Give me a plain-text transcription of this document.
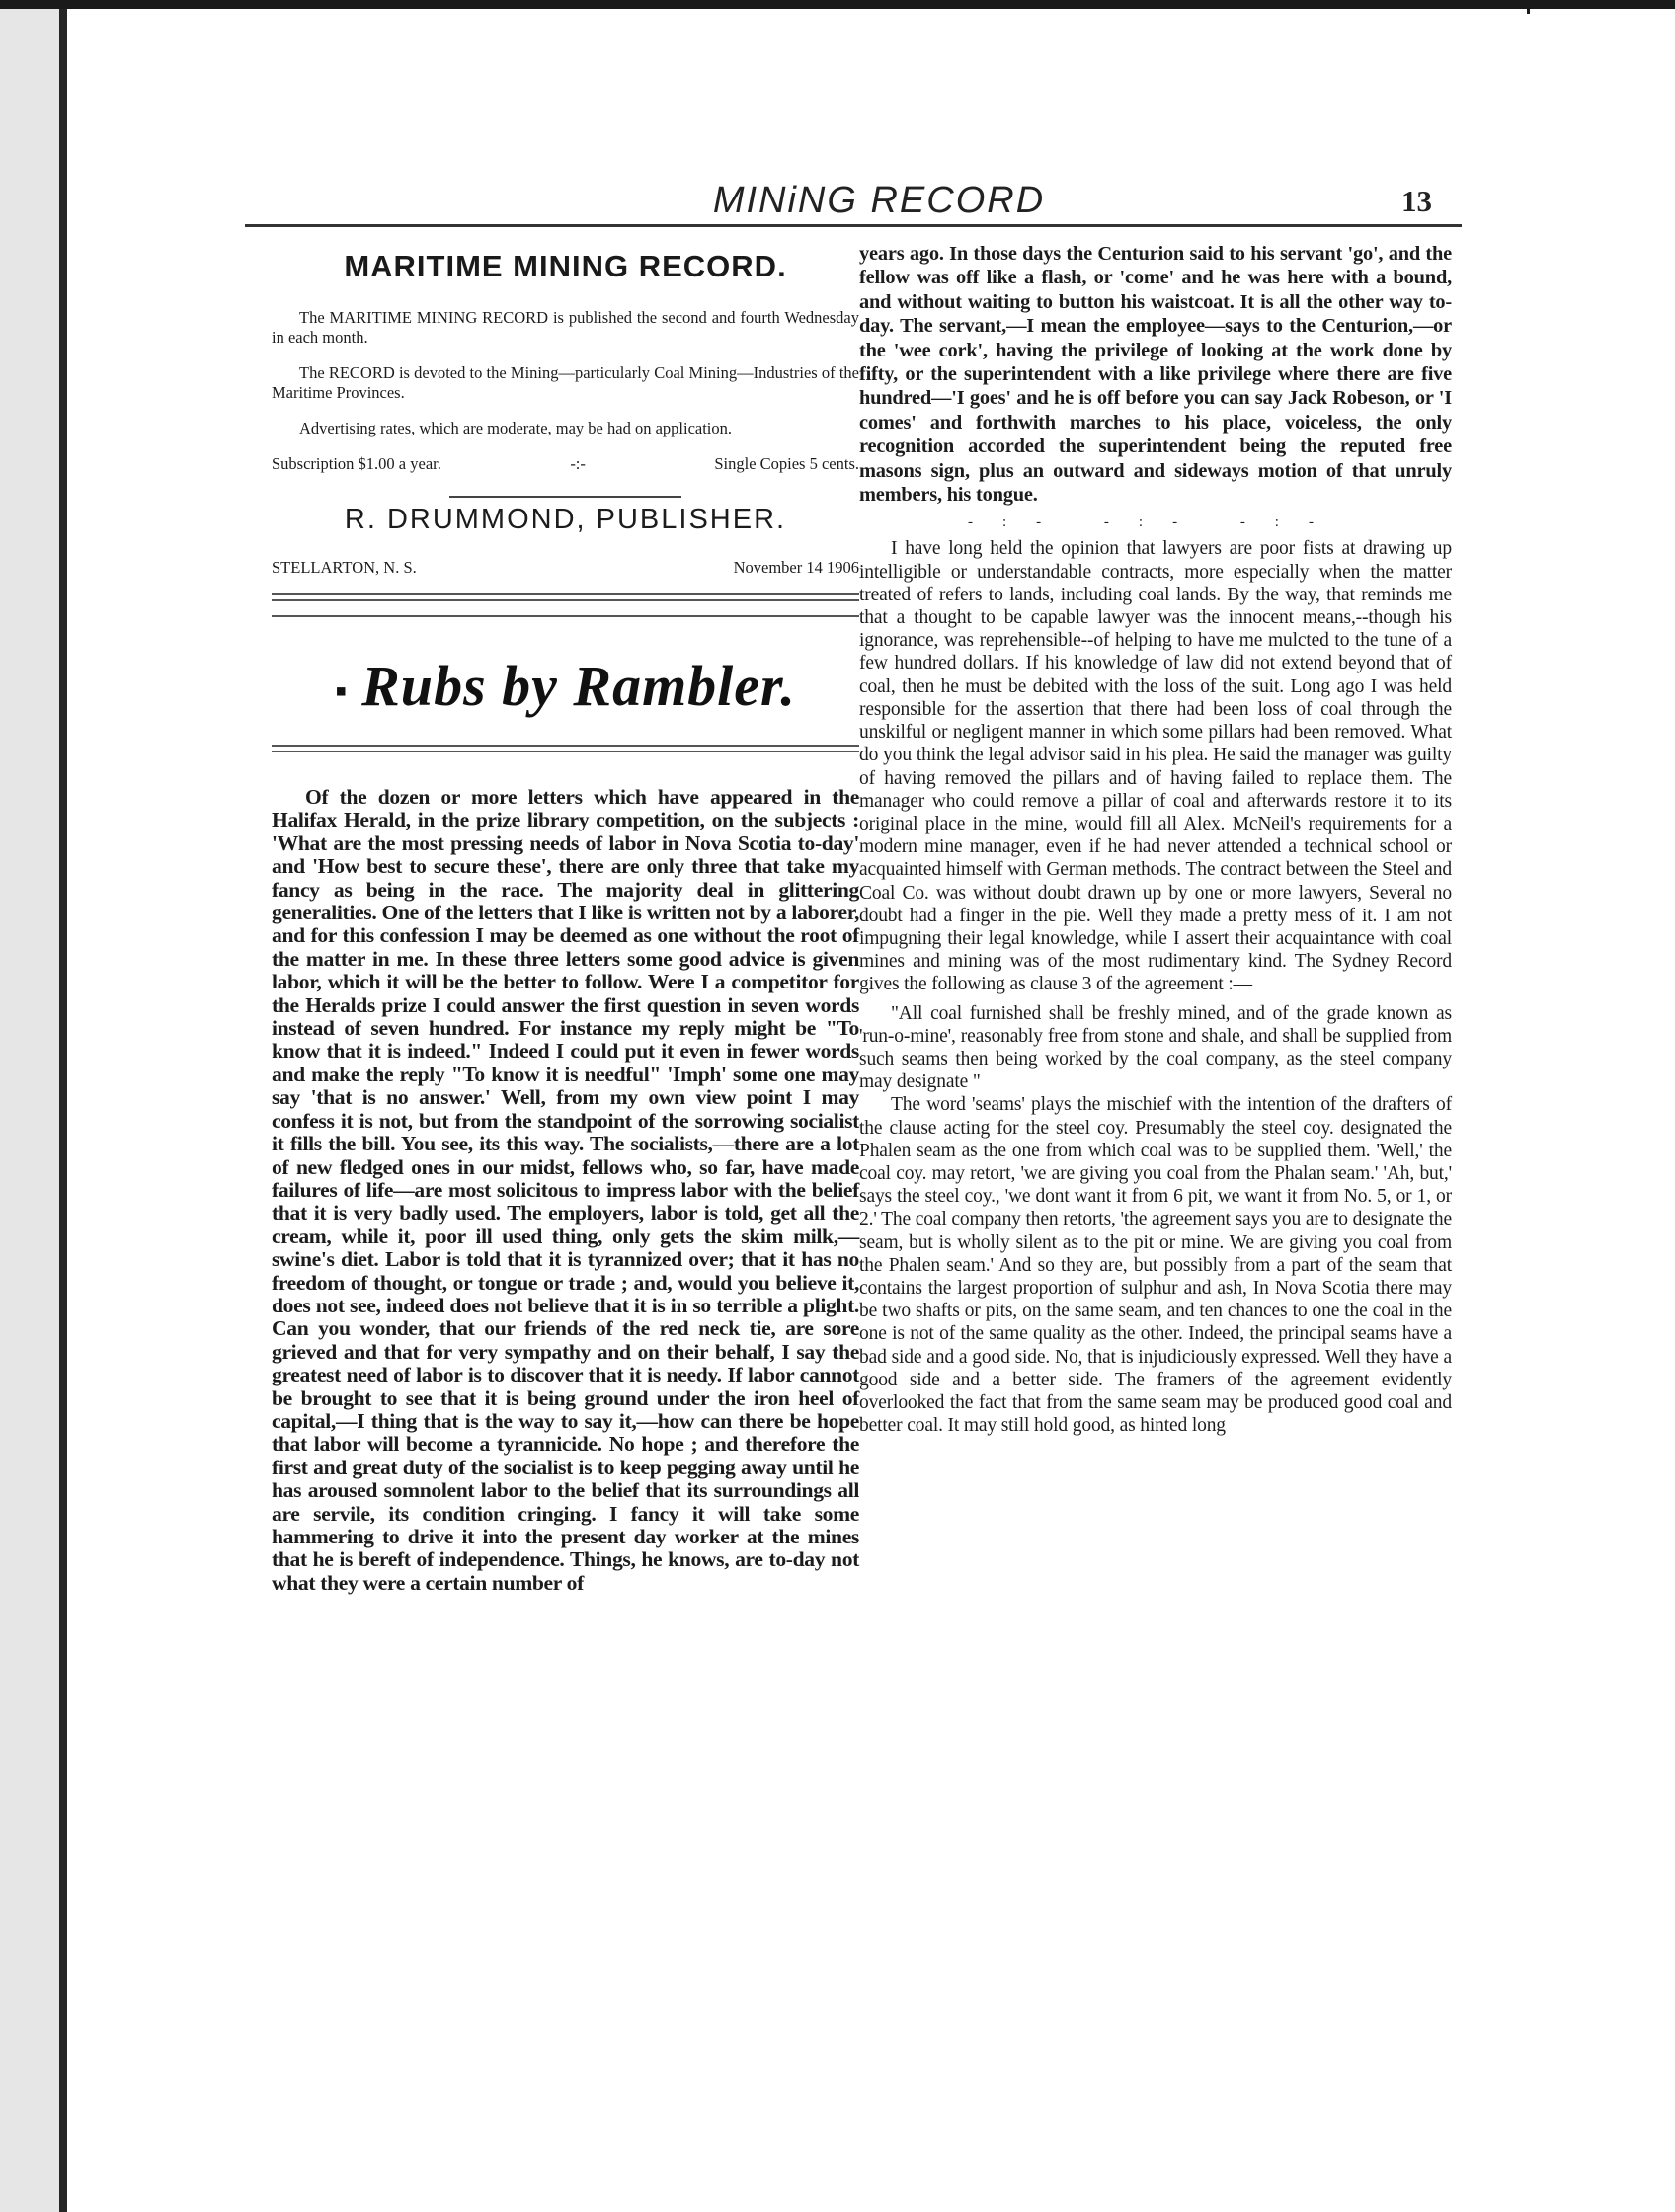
MINiNG RECORD	13
MARITIME MINING RECORD.

The MARITIME MINING RECORD is published the second and fourth Wednesday in each month.

The RECORD is devoted to the Mining—particularly Coal Mining—Industries of the Maritime Provinces.

Advertising rates, which are moderate, may be had on application.

Subscription $1.00 a year.	-:-	Single Copies 5 cents.
R. DRUMMOND, PUBLISHER.
STELLARTON, N. S.	November 14 1906
▪ Rubs by Rambler.

Of the dozen or more letters which have appeared in the Halifax Herald, in the prize library competition, on the subjects : 'What are the most pressing needs of labor in Nova Scotia to-day' and 'How best to secure these', there are only three that take my fancy as being in the race. The majority deal in glittering generalities. One of the letters that I like is written not by a laborer, and for this confession I may be deemed as one without the root of the matter in me. In these three letters some good advice is given labor, which it will be the better to follow. Were I a competitor for the Heralds prize I could answer the first question in seven words instead of seven hundred. For instance my reply might be "To know that it is indeed." Indeed I could put it even in fewer words and make the reply "To know it is needful" 'Imph' some one may say 'that is no answer.' Well, from my own view point I may confess it is not, but from the standpoint of the sorrowing socialist it fills the bill. You see, its this way. The socialists,—there are a lot of new fledged ones in our midst, fellows who, so far, have made failures of life—are most solicitous to impress labor with the belief that it is very badly used. The employers, labor is told, get all the cream, while it, poor ill used thing, only gets the skim milk,—swine's diet. Labor is told that it is tyrannized over; that it has no freedom of thought, or tongue or trade ; and, would you believe it, does not see, indeed does not believe that it is in so terrible a plight. Can you wonder, that our friends of the red neck tie, are sore grieved and that for very sympathy and on their behalf, I say the greatest need of labor is to discover that it is needy. If labor cannot be brought to see that it is being ground under the iron heel of capital,—I thing that is the way to say it,—how can there be hope that labor will become a tyrannicide. No hope ; and therefore the first and great duty of the socialist is to keep pegging away until he has aroused somnolent labor to the belief that its surroundings all are servile, its condition cringing. I fancy it will take some hammering to drive it into the present day worker at the mines that he is bereft of independence. Things, he knows, are to-day not what they were a certain number of

years ago. In those days the Centurion said to his servant 'go', and the fellow was off like a flash, or 'come' and he was here with a bound, and without waiting to button his waistcoat. It is all the other way to-day. The servant,—I mean the employee—says to the Centurion,—or the 'wee cork', having the privilege of looking at the work done by fifty, or the superintendent with a like privilege where there are five hundred—'I goes' and he is off before you can say Jack Robeson, or 'I comes' and forthwith marches to his place, voiceless, the only recognition accorded the superintendent being the reputed free masons sign, plus an outward and sideways motion of that unruly members, his tongue.

-:- -:- -:-

I have long held the opinion that lawyers are poor fists at drawing up intelligible or understandable contracts, more especially when the matter treated of refers to lands, including coal lands. By the way, that reminds me that a thought to be capable lawyer was the innocent means,--though his ignorance, was reprehensible--of helping to have me mulcted to the tune of a few hundred dollars. If his knowledge of law did not extend beyond that of coal, then he must be debited with the loss of the suit. Long ago I was held responsible for the assertion that there had been loss of coal through the unskilful or negligent manner in which some pillars had been removed. What do you think the legal advisor said in his plea. He said the manager was guilty of having removed the pillars and of having failed to replace them. The manager who could remove a pillar of coal and afterwards restore it to its original place in the mine, would fill all Alex. McNeil's requirements for a modern mine manager, even if he had never attended a technical school or acquainted himself with German methods. The contract between the Steel and Coal Co. was without doubt drawn up by one or more lawyers, Several no doubt had a finger in the pie. Well they made a pretty mess of it. I am not impugning their legal knowledge, while I assert their acquaintance with coal mines and mining was of the most rudimentary kind. The Sydney Record gives the following as clause 3 of the agreement :—

"All coal furnished shall be freshly mined, and of the grade known as 'run-o-mine', reasonably free from stone and shale, and shall be supplied from such seams then being worked by the coal company, as the steel company may designate "

The word 'seams' plays the mischief with the intention of the drafters of the clause acting for the steel coy. Presumably the steel coy. designated the Phalen seam as the one from which coal was to be supplied them. 'Well,' the coal coy. may retort, 'we are giving you coal from the Phalan seam.' 'Ah, but,' says the steel coy., 'we dont want it from 6 pit, we want it from No. 5, or 1, or 2.' The coal company then retorts, 'the agreement says you are to designate the seam, but is wholly silent as to the pit or mine. We are giving you coal from the Phalen seam.' And so they are, but possibly from a part of the seam that contains the largest proportion of sulphur and ash, In Nova Scotia there may be two shafts or pits, on the same seam, and ten chances to one the coal in the one is not of the same quality as the other. Indeed, the principal seams have a bad side and a good side. No, that is injudiciously expressed. Well they have a good side and a better side. The framers of the agreement evidently overlooked the fact that from the same seam may be produced good coal and better coal. It may still hold good, as hinted long
